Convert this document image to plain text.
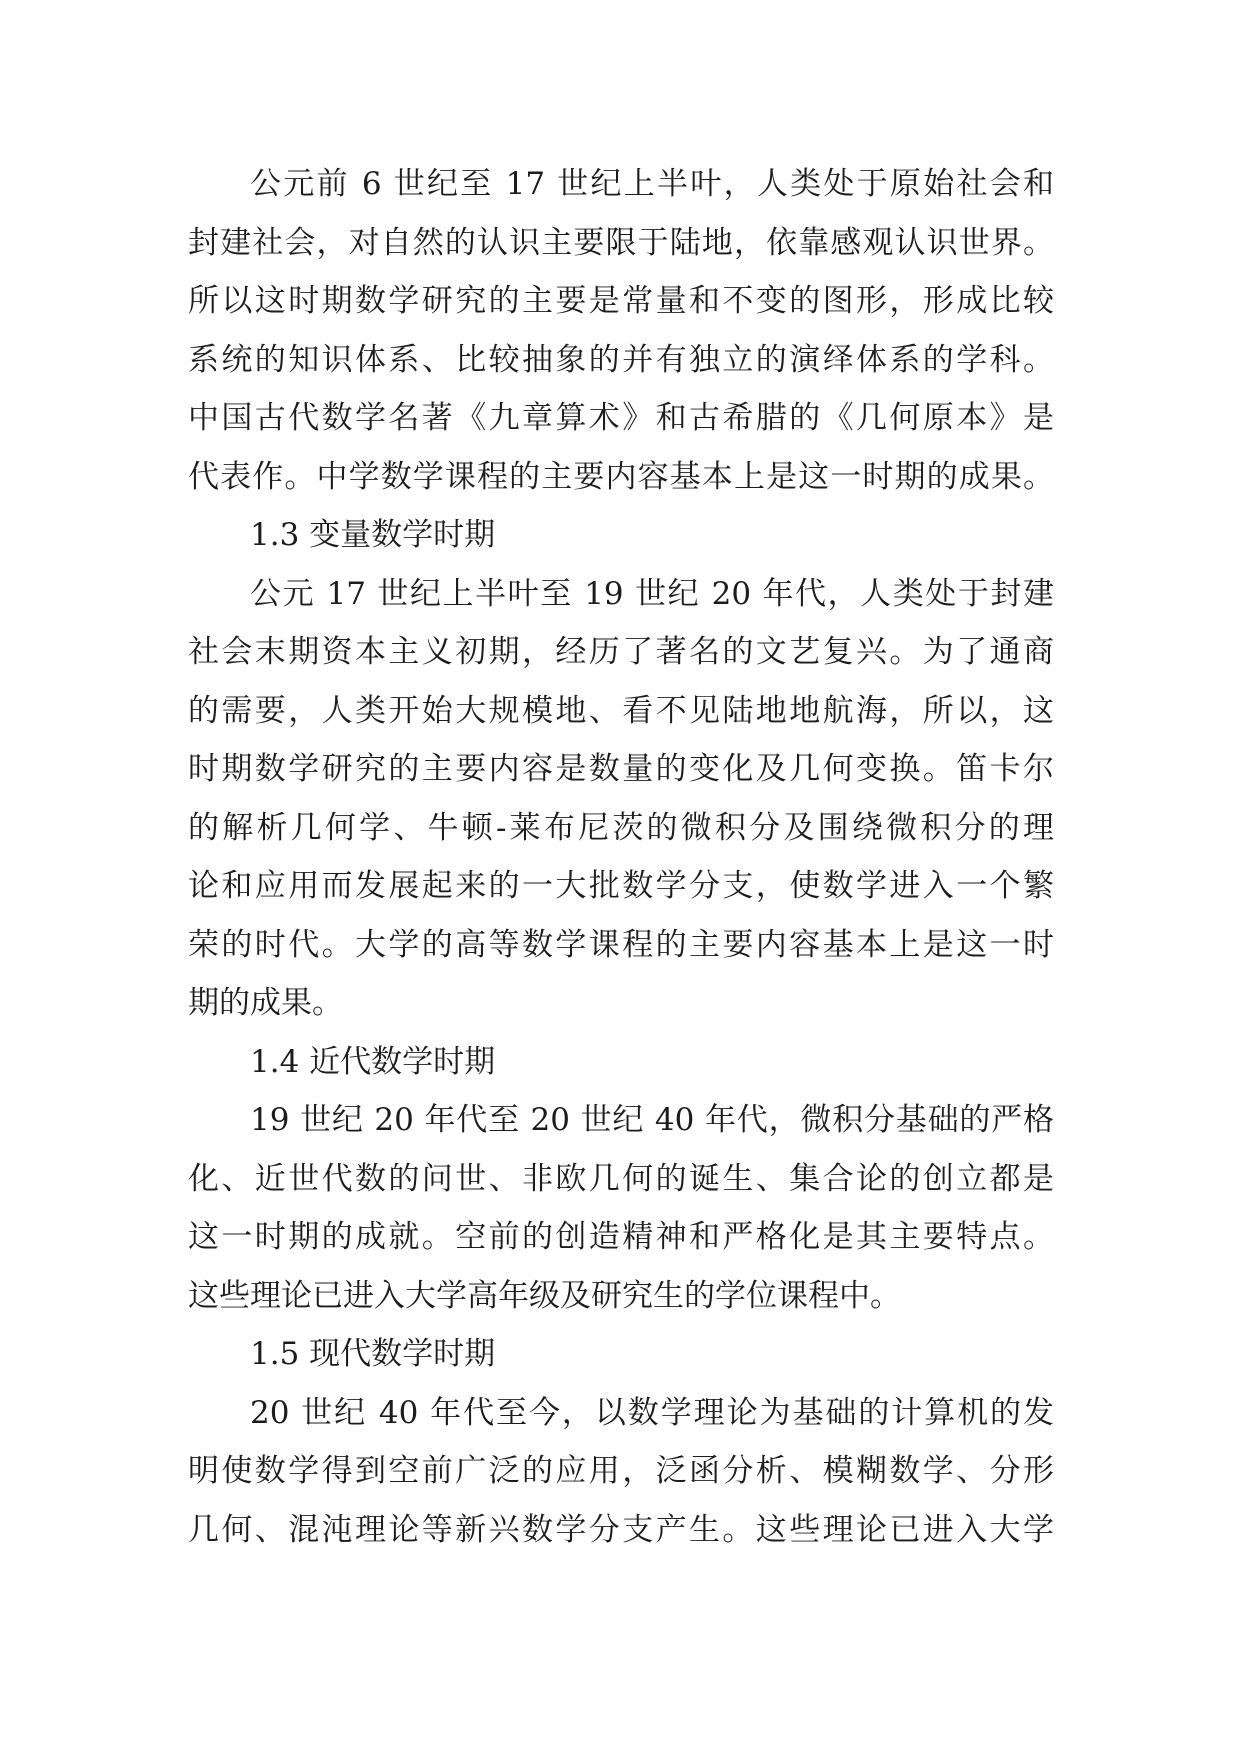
公元前 6 世纪至 17 世纪上半叶，人类处于原始社会和
封建社会，对自然的认识主要限于陆地，依靠感观认识世界。
所以这时期数学研究的主要是常量和不变的图形，形成比较
系统的知识体系、比较抽象的并有独立的演绎体系的学科。
中国古代数学名著《九章算术》和古希腊的《几何原本》是
代表作。中学数学课程的主要内容基本上是这一时期的成果。
1.3 变量数学时期
公元 17 世纪上半叶至 19 世纪 20 年代，人类处于封建
社会末期资本主义初期，经历了著名的文艺复兴。为了通商
的需要，人类开始大规模地、看不见陆地地航海，所以，这
时期数学研究的主要内容是数量的变化及几何变换。笛卡尔
的解析几何学、牛顿-莱布尼茨的微积分及围绕微积分的理
论和应用而发展起来的一大批数学分支，使数学进入一个繁
荣的时代。大学的高等数学课程的主要内容基本上是这一时
期的成果。
1.4 近代数学时期
19 世纪 20 年代至 20 世纪 40 年代，微积分基础的严格
化、近世代数的问世、非欧几何的诞生、集合论的创立都是
这一时期的成就。空前的创造精神和严格化是其主要特点。
这些理论已进入大学高年级及研究生的学位课程中。
1.5 现代数学时期
20 世纪 40 年代至今，以数学理论为基础的计算机的发
明使数学得到空前广泛的应用，泛函分析、模糊数学、分形
几何、混沌理论等新兴数学分支产生。这些理论已进入大学
